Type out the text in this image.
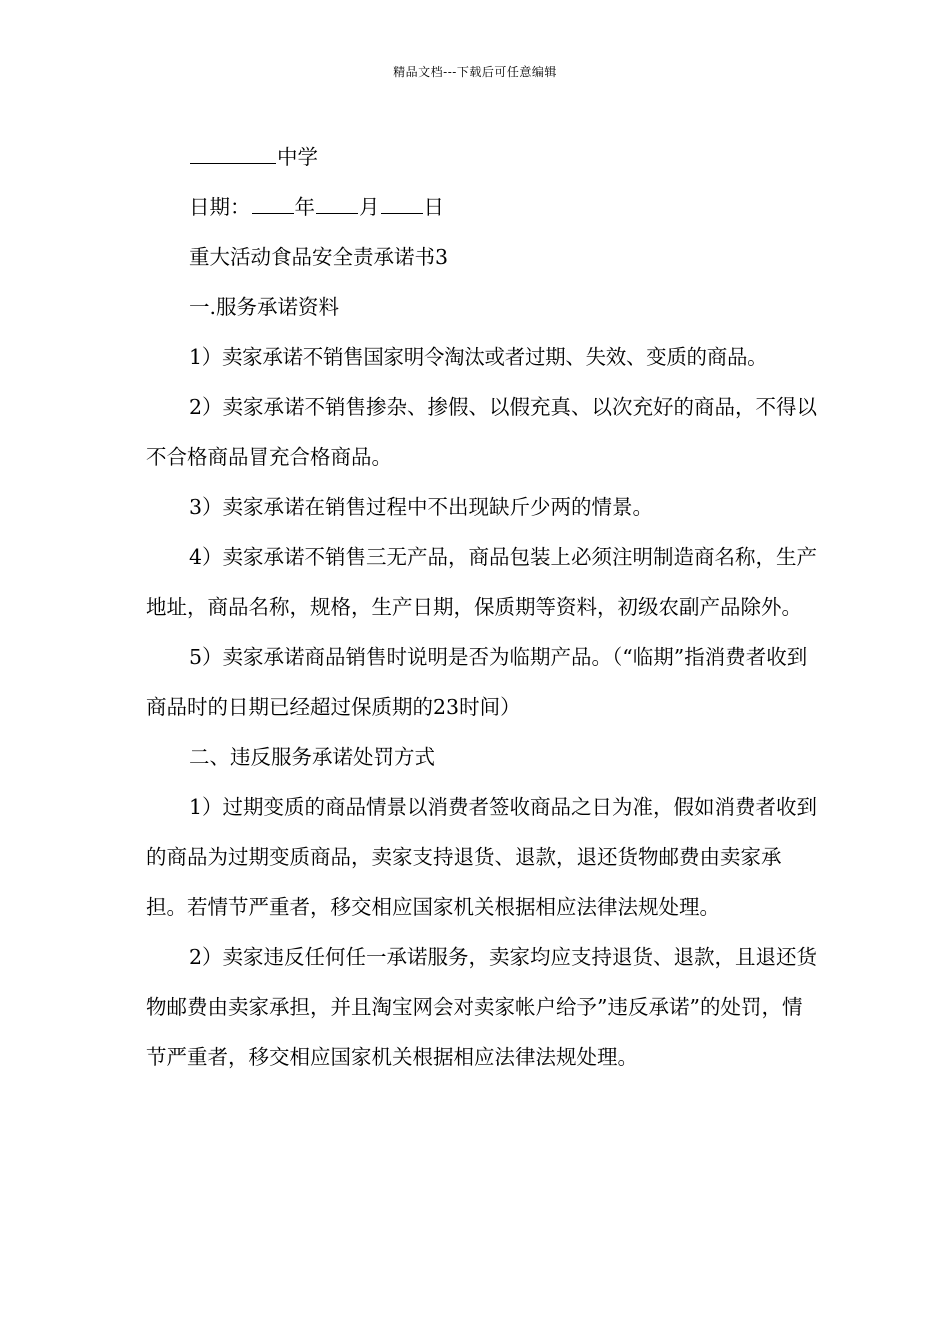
精品文档---下载后可任意编辑

中学

日期： 年 月 日

重大活动食品安全责承诺书3

一.服务承诺资料

1）卖家承诺不销售国家明令淘汰或者过期、失效、变质的商品。

2）卖家承诺不销售掺杂、掺假、以假充真、以次充好的商品，不得以不合格商品冒充合格商品。

3）卖家承诺在销售过程中不出现缺斤少两的情景。

4）卖家承诺不销售三无产品，商品包装上必须注明制造商名称，生产地址，商品名称，规格，生产日期，保质期等资料，初级农副产品除外。

5）卖家承诺商品销售时说明是否为临期产品。（“临期”指消费者收到商品时的日期已经超过保质期的23时间）

二、违反服务承诺处罚方式

1）过期变质的商品情景以消费者签收商品之日为准，假如消费者收到的商品为过期变质商品，卖家支持退货、退款，退还货物邮费由卖家承担。若情节严重者，移交相应国家机关根据相应法律法规处理。

2）卖家违反任何任一承诺服务，卖家均应支持退货、退款，且退还货物邮费由卖家承担，并且淘宝网会对卖家帐户给予”违反承诺”的处罚，情节严重者，移交相应国家机关根据相应法律法规处理。
